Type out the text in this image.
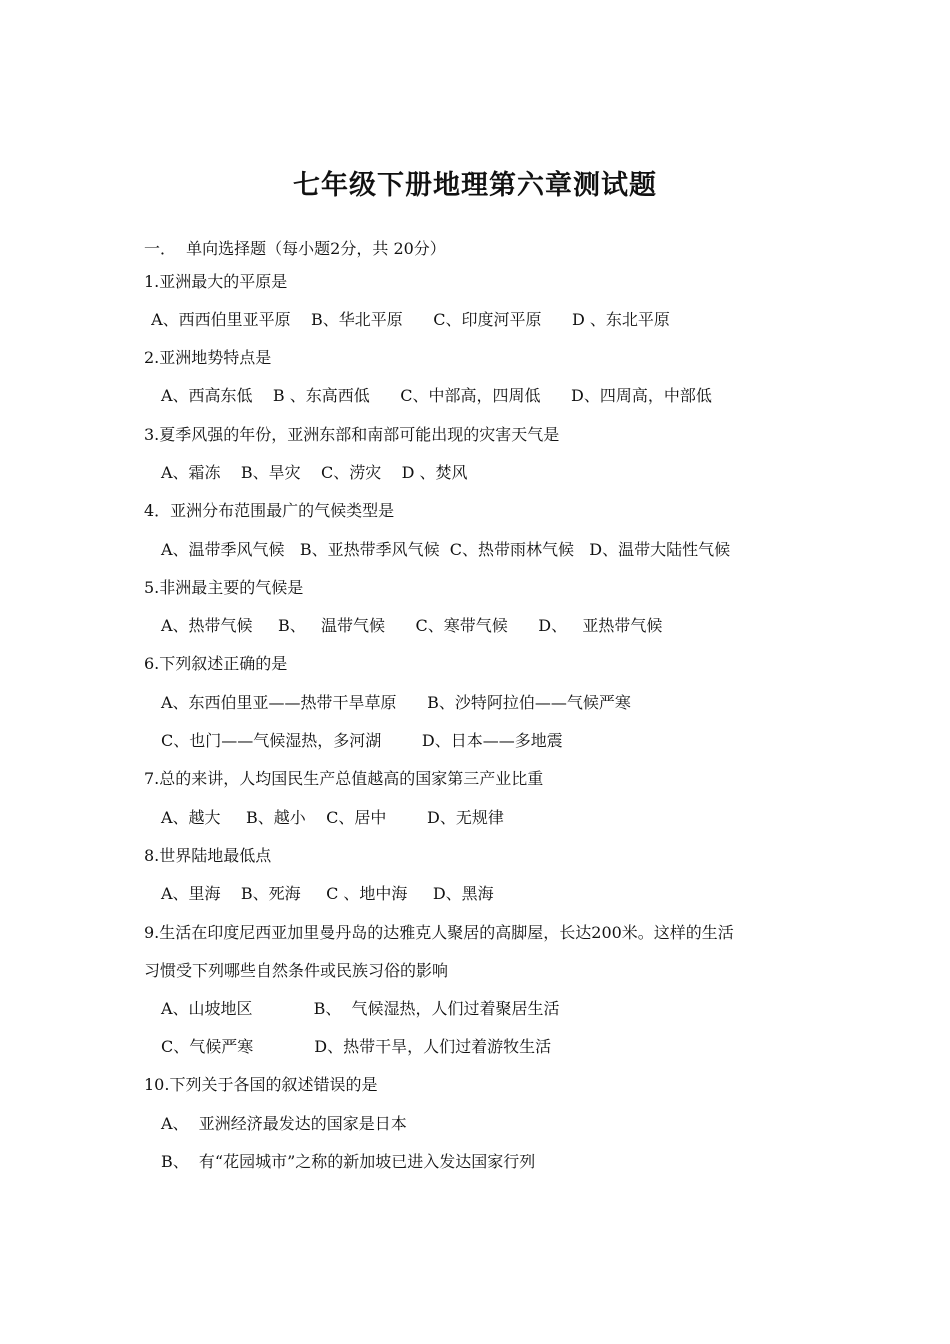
七年级下册地理第六章测试题
一．  单向选择题（每小题2分，共 20分）
1.亚洲最大的平原是
A、西西伯里亚平原    B、华北平原      C、印度河平原      D 、东北平原
2.亚洲地势特点是
A、西高东低    B 、东高西低      C、中部高，四周低      D、四周高，中部低
3.夏季风强的年份，亚洲东部和南部可能出现的灾害天气是
A、霜冻    B、旱灾    C、涝灾    D 、焚风
4．亚洲分布范围最广的气候类型是
A、温带季风气候   B、亚热带季风气候  C、热带雨林气候   D、温带大陆性气候
5.非洲最主要的气候是
A、热带气候     B、   温带气候      C、寒带气候      D、   亚热带气候
6.下列叙述正确的是
A、东西伯里亚——热带干旱草原      B、沙特阿拉伯——气候严寒
C、也门——气候湿热，多河湖        D、日本——多地震
7.总的来讲，人均国民生产总值越高的国家第三产业比重
A、越大     B、越小    C、居中        D、无规律
8.世界陆地最低点
A、里海    B、死海     C 、地中海     D、黑海
9.生活在印度尼西亚加里曼丹岛的达雅克人聚居的高脚屋，长达200米。这样的生活
习惯受下列哪些自然条件或民族习俗的影响
A、山坡地区            B、  气候湿热，人们过着聚居生活
C、气候严寒            D、热带干旱，人们过着游牧生活
10.下列关于各国的叙述错误的是
A、  亚洲经济最发达的国家是日本
B、  有“花园城市”之称的新加坡已进入发达国家行列
